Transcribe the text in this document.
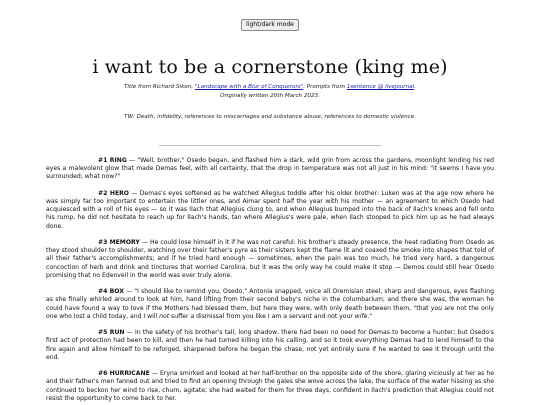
light/dark mode
i want to be a cornerstone (king me)
Title from Richard Siken, "Landscape with a Blur of Conquerors". Prompts from 1sentence @ livejournal.
Originally written 20th March 2023.
TW: Death, infidelity, references to miscarriages and substance abuse, references to domestic violence.

#1 RING — "Well, brother," Osedo began, and flashed him a dark, wild grin from across the gardens, moonlight lending his red eyes a malevolent glow that made Demas feel, with all certainty, that the drop in temperature was not all just in his mind: "it seems I have you surrounded; what now?"

#2 HERO — Demas's eyes softened as he watched Allegius toddle after his older brother: Luken was at the age now where he was simply far too important to entertain the littler ones, and Aimar spent half the year with his mother — an agreement to which Osedo had acquiesced with a roll of his eyes — so it was Ilach that Allegius clung to, and when Allegius bumped into the back of Ilach's knees and fell onto his rump, he did not hesitate to reach up for Ilach's hands, tan where Allegius's were pale, when Ilach stooped to pick him up as he had always done.

#3 MEMORY — He could lose himself in it if he was not careful: his brother's steady presence, the heat radiating from Osedo as they stood shoulder to shoulder, watching over their father's pyre as their sisters kept the flame lit and coaxed the smoke into shapes that told of all their father's accomplishments; and if he tried hard enough — sometimes, when the pain was too much, he tried very hard, a dangerous concoction of herb and drink and tinctures that worried Carolina, but it was the only way he could make it stop — Demos could still hear Osedo promising that no Edenveil in the world was ever truly alone.

#4 BOX — "I should like to remind you, Osedo," Antonia snapped, voice all Oremisian steel, sharp and dangerous, eyes flashing as she finally whirled around to look at him, hand lifting from their second baby's niche in the columbarium; and there she was, the woman he could have found a way to love if the Mothers had blessed them, but here they were, with only death between them, "that you are not the only one who lost a child today, and I will not suffer a dismissal from you like I am a servant and not your wife."

#5 RUN — In the safety of his brother's tall, long shadow, there had been no need for Demas to become a hunter; but Osedo's first act of protection had been to kill, and then he had turned killing into his calling, and so it took everything Demas had to lend himself to the fire again and allow himself to be reforged, sharpened before he began the chase, not yet entirely sure if he wanted to see it through until the end.

#6 HURRICANE — Eryna smirked and looked at her half-brother on the opposite side of the shore, glaring viciously at her as he and their father's men fanned out and tried to find an opening through the gales she wove across the lake, the surface of the water hissing as she continued to beckon her wind to rise, churn, agitate; she had waited for them for three days, confident in Ilach's prediction that Allegius could not resist the opportunity to come back to her.
